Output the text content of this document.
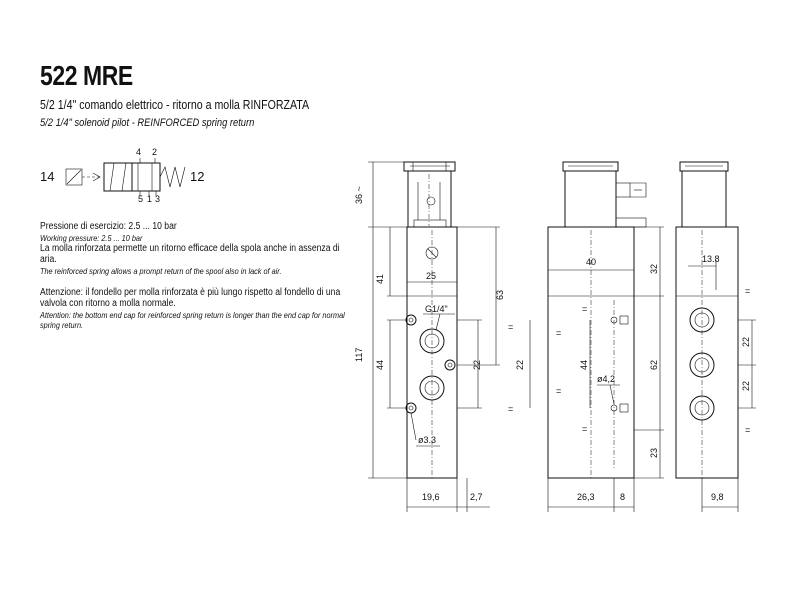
522 MRE
5/2 1/4" comando elettrico - ritorno a molla RINFORZATA
5/2 1/4" solenoid pilot - REINFORCED spring return

Pressione di esercizio: 2.5 ... 10 bar

Working pressure: 2.5 ... 10 bar

La molla rinforzata permette un ritorno efficace della spola anche in assenza di aria.

The reinforced spring allows a prompt return of the spool also in lack of air.

Attenzione: il fondello per molla rinforzata è più lungo rispetto al fondello di una valvola con ritorno a molla normale.

Attention: the bottom end cap for reinforced spring return is longer than the end cap for normal spring return.

14	12
4 2
5 1 3	36 ~
117
41
44
25
63
22
G1/4"
ø3.3
19,6	2,7
=
=
=
=
40
32
62
23
22
=
=
44
ø4,2
26,3	8
13.8
22
22
=
=
9,8
